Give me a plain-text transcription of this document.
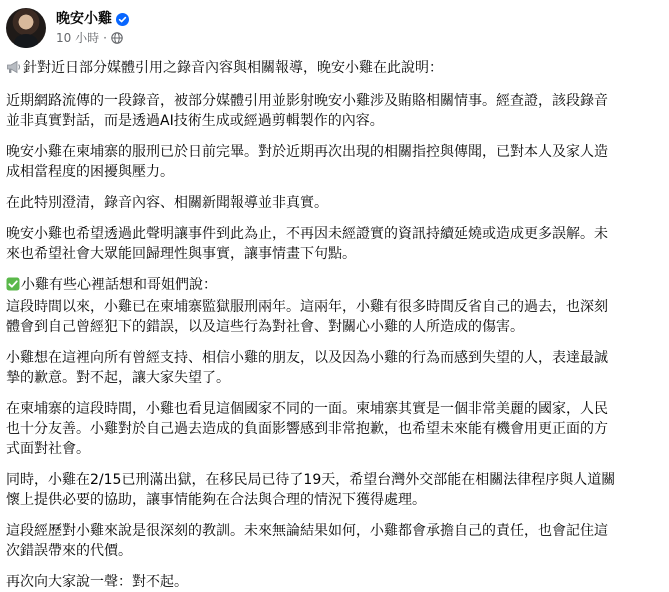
晚安小雞
10 小時 ·

針對近日部分媒體引用之錄音內容與相關報導，晚安小雞在此說明：

近期網路流傳的一段錄音，被部分媒體引用並影射晚安小雞涉及賄賂相關情事。經查證，該段錄音
並非真實對話，而是透過AI技術生成或經過剪輯製作的內容。

晚安小雞在柬埔寨的服刑已於日前完畢。對於近期再次出現的相關指控與傳聞，已對本人及家人造
成相當程度的困擾與壓力。

在此特別澄清，錄音內容、相關新聞報導並非真實。

晚安小雞也希望透過此聲明讓事件到此為止，不再因未經證實的資訊持續延燒或造成更多誤解。未
來也希望社會大眾能回歸理性與事實，讓事情畫下句點。

小雞有些心裡話想和哥姐們說：
這段時間以來，小雞已在柬埔寨監獄服刑兩年。這兩年，小雞有很多時間反省自己的過去，也深刻
體會到自己曾經犯下的錯誤，以及這些行為對社會、對關心小雞的人所造成的傷害。

小雞想在這裡向所有曾經支持、相信小雞的朋友，以及因為小雞的行為而感到失望的人，表達最誠
摯的歉意。對不起，讓大家失望了。

在柬埔寨的這段時間，小雞也看見這個國家不同的一面。柬埔寨其實是一個非常美麗的國家，人民
也十分友善。小雞對於自己過去造成的負面影響感到非常抱歉，也希望未來能有機會用更正面的方
式面對社會。

同時，小雞在2/15已刑滿出獄，在移民局已待了19天，希望台灣外交部能在相關法律程序與人道關
懷上提供必要的協助，讓事情能夠在合法與合理的情況下獲得處理。

這段經歷對小雞來說是很深刻的教訓。未來無論結果如何，小雞都會承擔自己的責任，也會記住這
次錯誤帶來的代價。

再次向大家說一聲：對不起。
